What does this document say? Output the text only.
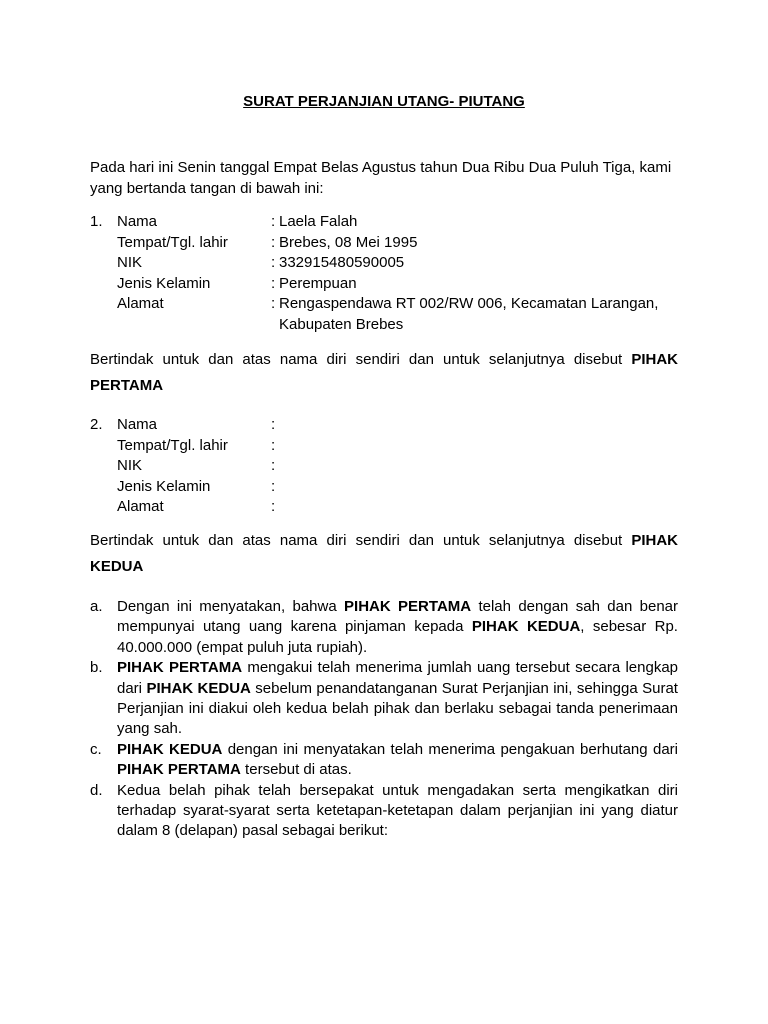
SURAT PERJANJIAN UTANG- PIUTANG
Pada hari ini Senin tanggal Empat Belas Agustus tahun Dua Ribu Dua Puluh Tiga, kami yang bertanda tangan di bawah ini:
1. Nama	: Laela Falah
Tempat/Tgl. lahir	: Brebes, 08 Mei 1995
NIK	: 332915480590005
Jenis Kelamin	: Perempuan
Alamat	: Rengaspendawa RT 002/RW 006, Kecamatan Larangan,
Kabupaten Brebes
Bertindak untuk dan atas nama diri sendiri dan untuk selanjutnya disebut PIHAK
PERTAMA
2. Nama	:
Tempat/Tgl. lahir	:
NIK	:
Jenis Kelamin	:
Alamat	:
Bertindak untuk dan atas nama diri sendiri dan untuk selanjutnya disebut PIHAK
KEDUA
a. Dengan ini menyatakan, bahwa PIHAK PERTAMA telah dengan sah dan benar mempunyai utang uang karena pinjaman kepada PIHAK KEDUA, sebesar Rp. 40.000.000 (empat puluh juta rupiah).
b. PIHAK PERTAMA mengakui telah menerima jumlah uang tersebut secara lengkap dari PIHAK KEDUA sebelum penandatanganan Surat Perjanjian ini, sehingga Surat Perjanjian ini diakui oleh kedua belah pihak dan berlaku sebagai tanda penerimaan yang sah.
c. PIHAK KEDUA dengan ini menyatakan telah menerima pengakuan berhutang dari PIHAK PERTAMA tersebut di atas.
d. Kedua belah pihak telah bersepakat untuk mengadakan serta mengikatkan diri terhadap syarat-syarat serta ketetapan-ketetapan dalam perjanjian ini yang diatur dalam 8 (delapan) pasal sebagai berikut:
